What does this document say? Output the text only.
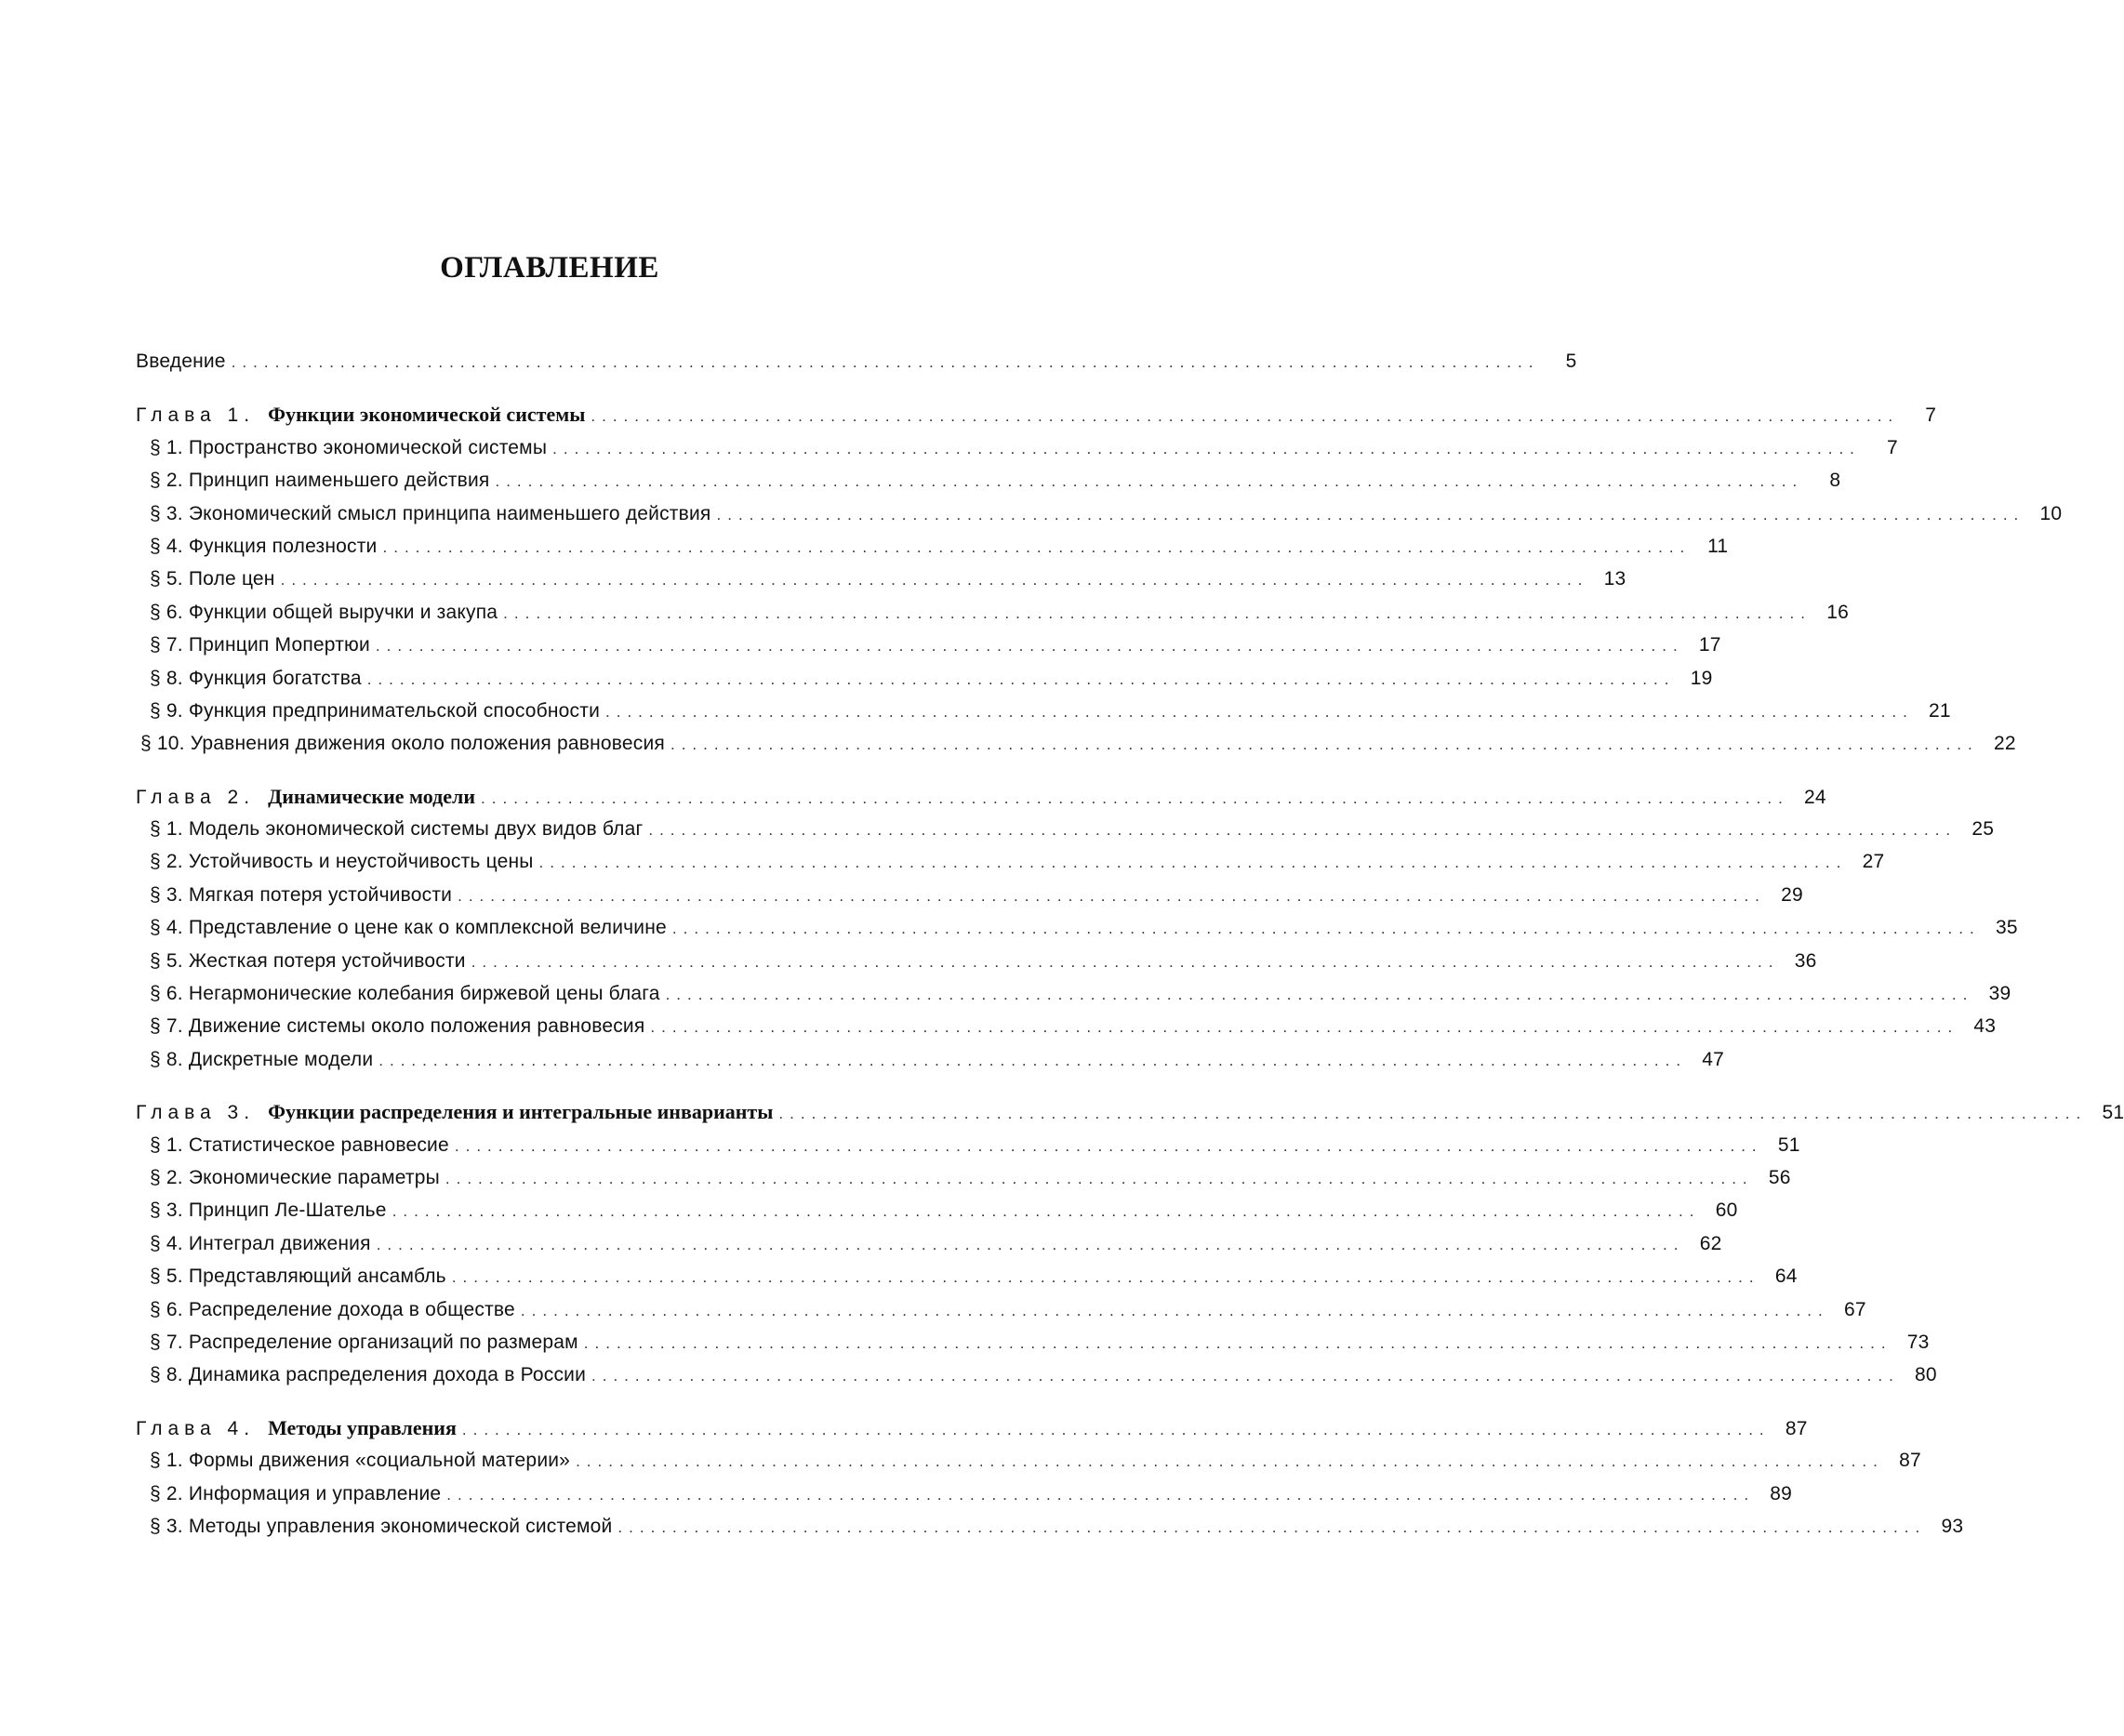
ОГЛАВЛЕНИЕ
Введение ........................................................................................................................	5
Глава 1. Функции экономической системы ........................................................................................................................	7
§ 1. Пространство экономической системы ........................................................................................................................	7
§ 2. Принцип наименьшего действия ........................................................................................................................	8
§ 3. Экономический смысл принципа наименьшего действия ........................................................................................................................ 10
§ 4. Функция полезности ........................................................................................................................ 11
§ 5. Поле цен ........................................................................................................................ 13
§ 6. Функции общей выручки и закупа ........................................................................................................................ 16
§ 7. Принцип Мопертюи ........................................................................................................................ 17
§ 8. Функция богатства ........................................................................................................................ 19
§ 9. Функция предпринимательской способности ........................................................................................................................ 21
§ 10. Уравнения движения около положения равновесия ........................................................................................................................ 22
Глава 2. Динамические модели ........................................................................................................................ 24
§ 1. Модель экономической системы двух видов благ ........................................................................................................................ 25
§ 2. Устойчивость и неустойчивость цены ........................................................................................................................ 27
§ 3. Мягкая потеря устойчивости ........................................................................................................................ 29
§ 4. Представление о цене как о комплексной величине ........................................................................................................................ 35
§ 5. Жесткая потеря устойчивости ........................................................................................................................ 36
§ 6. Негармонические колебания биржевой цены блага ........................................................................................................................ 39
§ 7. Движение системы около положения равновесия ........................................................................................................................ 43
§ 8. Дискретные модели ........................................................................................................................ 47
Глава 3. Функции распределения и интегральные инварианты ........................................................................................................................ 51
§ 1. Статистическое равновесие ........................................................................................................................ 51
§ 2. Экономические параметры ........................................................................................................................ 56
§ 3. Принцип Ле-Шателье ........................................................................................................................ 60
§ 4. Интеграл движения ........................................................................................................................ 62
§ 5. Представляющий ансамбль ........................................................................................................................ 64
§ 6. Распределение дохода в обществе ........................................................................................................................ 67
§ 7. Распределение организаций по размерам ........................................................................................................................ 73
§ 8. Динамика распределения дохода в России ........................................................................................................................ 80
Глава 4. Методы управления ........................................................................................................................ 87
§ 1. Формы движения «социальной материи» ........................................................................................................................ 87
§ 2. Информация и управление ........................................................................................................................ 89
§ 3. Методы управления экономической системой ........................................................................................................................ 93
